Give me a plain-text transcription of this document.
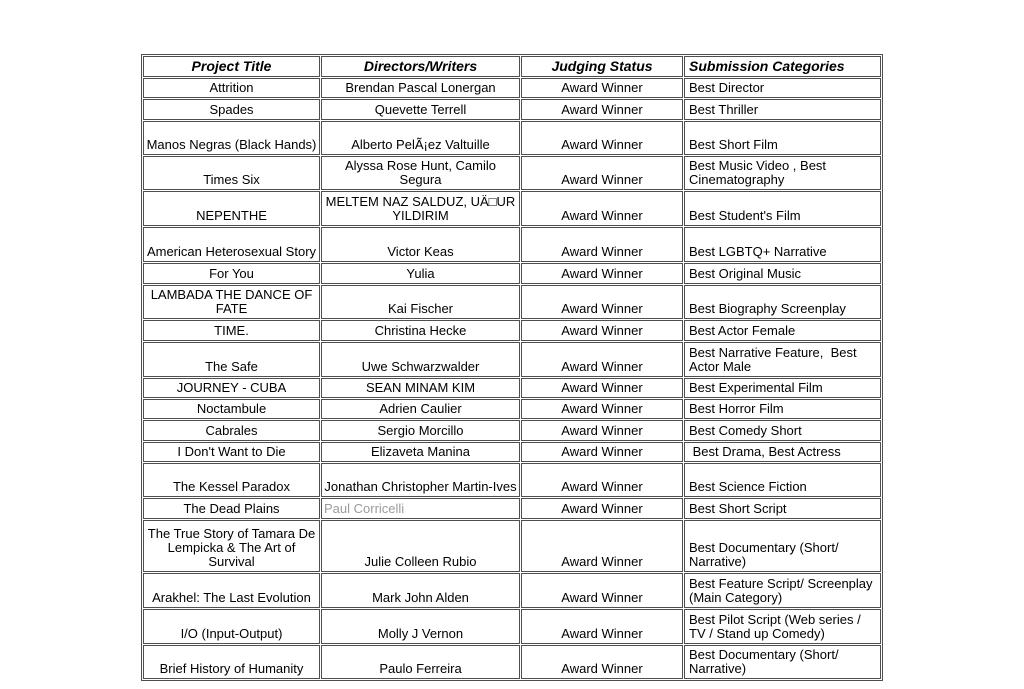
Project Title	Directors/Writers	Judging Status	Submission Categories
Attrition	Brendan Pascal Lonergan	Award Winner	Best Director
Spades	Quevette Terrell	Award Winner	Best Thriller
Manos Negras (Black Hands)	Alberto PelÃ¡ez Valtuille	Award Winner	Best Short Film
Times Six	Alyssa Rose Hunt, Camilo Segura	Award Winner	Best Music Video , Best Cinematography
NEPENTHE	MELTEM NAZ SALDUZ, UÄ□UR YILDIRIM	Award Winner	Best Student's Film
American Heterosexual Story	Victor Keas	Award Winner	Best LGBTQ+ Narrative
For You	Yulia	Award Winner	Best Original Music
LAMBADA THE DANCE OF FATE	Kai Fischer	Award Winner	Best Biography Screenplay
TIME.	Christina Hecke	Award Winner	Best Actor Female
The Safe	Uwe Schwarzwalder	Award Winner	Best Narrative Feature,  Best Actor Male
JOURNEY - CUBA	SEAN MINAM KIM	Award Winner	Best Experimental Film
Noctambule	Adrien Caulier	Award Winner	Best Horror Film
Cabrales	Sergio Morcillo	Award Winner	Best Comedy Short
I Don't Want to Die	Elizaveta Manina	Award Winner	Best Drama, Best Actress
The Kessel Paradox	Jonathan Christopher Martin-Ives	Award Winner	Best Science Fiction
The Dead Plains	Paul Corricelli	Award Winner	Best Short Script
The True Story of Tamara De Lempicka & The Art of Survival	Julie Colleen Rubio	Award Winner	Best Documentary (Short/ Narrative)
Arakhel: The Last Evolution	Mark John Alden	Award Winner	Best Feature Script/ Screenplay (Main Category)
I/O (Input-Output)	Molly J Vernon	Award Winner	Best Pilot Script (Web series / TV / Stand up Comedy)
Brief History of Humanity	Paulo Ferreira	Award Winner	Best Documentary (Short/ Narrative)
